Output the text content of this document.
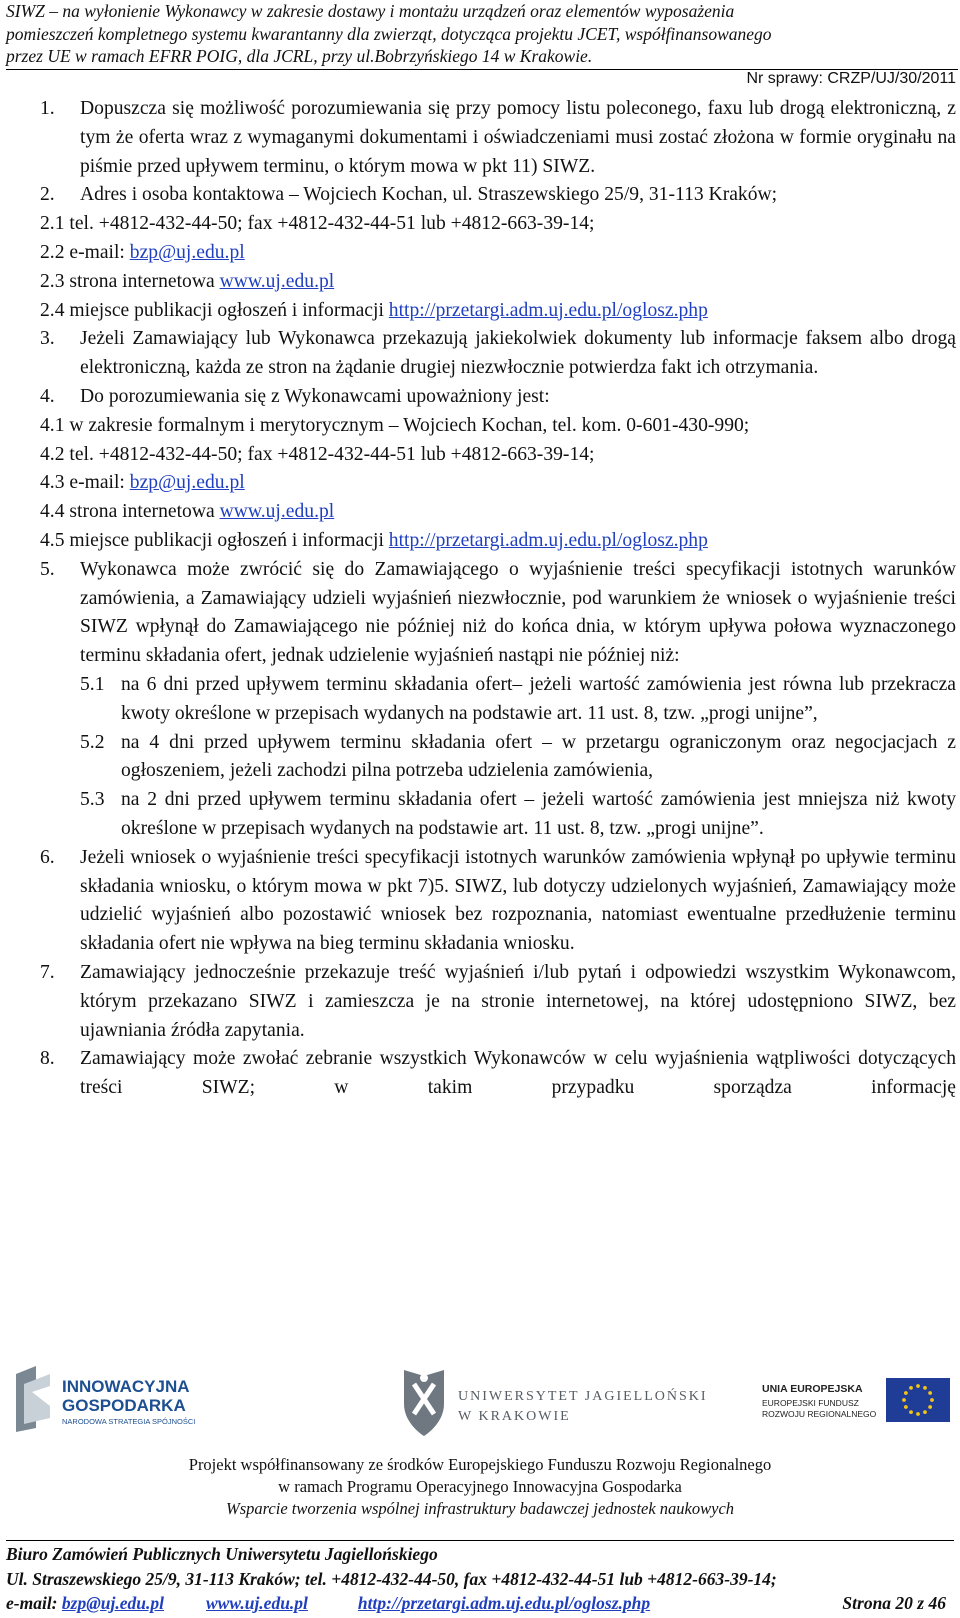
SIWZ – na wyłonienie Wykonawcy w zakresie dostawy i montażu urządzeń oraz elementów wyposażenia
pomieszczeń kompletnego systemu kwarantanny dla zwierząt, dotycząca projektu JCET, współfinansowanego
przez UE w ramach EFRR POIG, dla JCRL, przy ul.Bobrzyńskiego 14 w Krakowie.
Nr sprawy: CRZP/UJ/30/2011
1. Dopuszcza się możliwość porozumiewania się przy pomocy listu poleconego, faxu lub drogą elektroniczną, z tym że oferta wraz z wymaganymi dokumentami i oświadczeniami musi zostać złożona w formie oryginału na piśmie przed upływem terminu, o którym mowa w pkt 11) SIWZ.
2. Adres i osoba kontaktowa – Wojciech Kochan, ul. Straszewskiego 25/9, 31-113 Kraków;
2.1 tel. +4812-432-44-50; fax +4812-432-44-51 lub +4812-663-39-14;
2.2 e-mail: bzp@uj.edu.pl
2.3 strona internetowa www.uj.edu.pl
2.4 miejsce publikacji ogłoszeń i informacji http://przetargi.adm.uj.edu.pl/oglosz.php
3. Jeżeli Zamawiający lub Wykonawca przekazują jakiekolwiek dokumenty lub informacje faksem albo drogą elektroniczną, każda ze stron na żądanie drugiej niezwłocznie potwierdza fakt ich otrzymania.
4. Do porozumiewania się z Wykonawcami upoważniony jest:
4.1 w zakresie formalnym i merytorycznym – Wojciech Kochan, tel. kom. 0-601-430-990;
4.2 tel. +4812-432-44-50; fax +4812-432-44-51 lub +4812-663-39-14;
4.3 e-mail: bzp@uj.edu.pl
4.4 strona internetowa www.uj.edu.pl
4.5 miejsce publikacji ogłoszeń i informacji http://przetargi.adm.uj.edu.pl/oglosz.php
5. Wykonawca może zwrócić się do Zamawiającego o wyjaśnienie treści specyfikacji istotnych warunków zamówienia, a Zamawiający udzieli wyjaśnień niezwłocznie, pod warunkiem że wniosek o wyjaśnienie treści SIWZ wpłynął do Zamawiającego nie później niż do końca dnia, w którym upływa połowa wyznaczonego terminu składania ofert, jednak udzielenie wyjaśnień nastąpi nie później niż:
5.1 na 6 dni przed upływem terminu składania ofert– jeżeli wartość zamówienia jest równa lub przekracza kwoty określone w przepisach wydanych na podstawie art. 11 ust. 8, tzw. „progi unijne”,
5.2 na 4 dni przed upływem terminu składania ofert – w przetargu ograniczonym oraz negocjacjach z ogłoszeniem, jeżeli zachodzi pilna potrzeba udzielenia zamówienia,
5.3 na 2 dni przed upływem terminu składania ofert – jeżeli wartość zamówienia jest mniejsza niż kwoty określone w przepisach wydanych na podstawie art. 11 ust. 8, tzw. „progi unijne”.
6. Jeżeli wniosek o wyjaśnienie treści specyfikacji istotnych warunków zamówienia wpłynął po upływie terminu składania wniosku, o którym mowa w pkt 7)5. SIWZ, lub dotyczy udzielonych wyjaśnień, Zamawiający może udzielić wyjaśnień albo pozostawić wniosek bez rozpoznania, natomiast ewentualne przedłużenie terminu składania ofert nie wpływa na bieg terminu składania wniosku.
7. Zamawiający jednocześnie przekazuje treść wyjaśnień i/lub pytań i odpowiedzi wszystkim Wykonawcom, którym przekazano SIWZ i zamieszcza je na stronie internetowej, na której udostępniono SIWZ, bez ujawniania źródła zapytania.
8. Zamawiający może zwołać zebranie wszystkich Wykonawców w celu wyjaśnienia wątpliwości dotyczących treści SIWZ; w takim przypadku sporządza informację
INNOWACYJNA
GOSPODARKA
NARODOWA STRATEGIA SPÓJNOŚCI
UNIWERSYTET JAGIELLOŃSKI
W KRAKOWIE
UNIA EUROPEJSKA
EUROPEJSKI FUNDUSZ
ROZWOJU REGIONALNEGO
Projekt współfinansowany ze środków Europejskiego Funduszu Rozwoju Regionalnego
w ramach Programu Operacyjnego Innowacyjna Gospodarka
Wsparcie tworzenia wspólnej infrastruktury badawczej jednostek naukowych
Biuro Zamówień Publicznych Uniwersytetu Jagiellońskiego
Ul. Straszewskiego 25/9, 31-113 Kraków; tel. +4812-432-44-50, fax +4812-432-44-51 lub +4812-663-39-14;
e-mail: bzp@uj.edu.pl www.uj.edu.pl	http://przetargi.adm.uj.edu.pl/oglosz.php	Strona 20 z 46
